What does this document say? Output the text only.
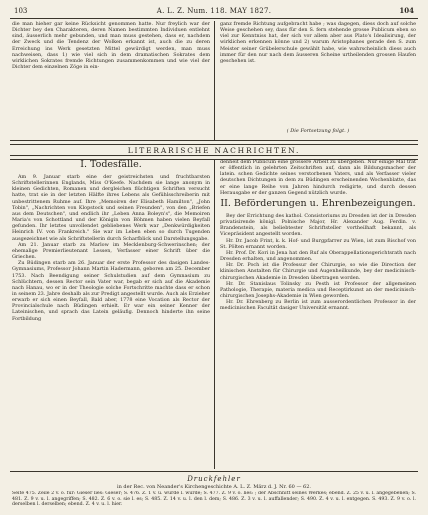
103	A. L. Z. Num. 118. MAY 1827.	104

die man hieher gar keine Rücksicht genommen hatte. Nur freylich war der Dichter bey den Charakteren, deren Namen bestimmten Individuen entlehnt sind, äusserlich mehr gebunden, und man muss gestehen, dass er, nachdem der Zweck und die Tendenz der Wolken erkannt ist, auch die zu deren Erreichung ins Werk gesetzten Mittel gewürdigt werden, man muss nachweisen, dass 1) wie viel sich in dem dramatischen Sokrates dem wirklichen Sokrates fremde Richtungen zusammenkommen und wie viel der Dichter dem einzelnen Zöge in ein-

ganz fremde Richtung aufgebracht habe ; was dagegen, diess doch auf solche Weise geschehen sey, dass für den S. fern stehende grosse Publicum eben so viel zur Kenntniss hat, der sich vor allem aber aus Plato's Idealisirung, der wirklichen erkennen könne und 2) warum Aristophanes gerade den S. zum Meister seiner Grübelerschule gewählt habe, wie wahrscheinlich diess auch immer für den nur nach dem äusseren Scheine urtheilenden grossen Haufen geschehen ist.

( Die Fortsetzung folgt. )
LITERARISCHE NACHRICHTEN.
I. Todesfälle.

Am 9. Januar starb eine der geistreichsten und fruchtbarsten Schriftstellerinnen Englands, Miss O'Keefe. Nachdem sie lange anonym in kleinen Gedichten, Romanen und dergleichen flüchtigen Schriften versucht hatte, trat sie in der letzten Hälfte ihres Lebens als Gefühlsschreiberin mit unbestrittenem Ruhme auf. Ihre „Memoiren der Elisabeth Hamilton", „John Tobin", „Nachrichten von Klopstock und seinen Freunden", von den „Briefen aus dem Deutschen", und endlich ihr „Leben Anna Boleyn's", die Memoiren Maria's von Schottland und der Königin von Böhmen haben vielen Beyfall gefunden. Ihr letztes unvollendet gebliebenes Werk war „Denkwürdigkeiten Heinrich IV. von Frankreich." Sie war im Leben eben so durch Tugenden ausgezeichnet wie als Schriftstellerin durch Scharfblick und Darstellungsgabe.

Am 21. Januar starb zu Marlow im Mecklenburg-Schwerinschen; der ehemalige Premierlieutenant Lessen, Verfasser einer Schrift über die Griechen.

Zu Büdingen starb am 26. Januar der erste Professor des dasigen Landes-Gymnasiums, Professor Johann Martin Hadermann, geboren am 25. December 1753. Nach Beendigung seiner Schulstudien auf dem Gymnasium zu Schlüchtern, dessen Rector sein Vater war, begab er sich auf die Akademie nach Hanau, wo er in der Theologie solche Fortschritte machte dass er schon in seinem 23. Jahre deshalb als zur Predigt angestellt wurde. Auch als Erzieher erwarb er sich einen Beyfall, Bald aber, 1778 eine Vocation als Rector der Provincialschule nach Büdingen erhielt. Er war ein seiner Kenner der Lateinischen, und sprach das Latein geläufig. Dennoch hinderte ihn seine Fortbildung

denheit dem Publicum eine grössere Arbeit zu übergeben. Nur einige Mal trat er öffentlich in gelehrten Zeitschriften auf, dann als Bildungsmacher der latein. schen Gedichte seines verstorbenen Vaters, und als Verfasser vieler deutschen Dichtungen in dem zu Büdingen erscheinenden Wochenblatte, das er eine lange Reihe von Jahren hindurch redigirte, und durch dessen Herausgabe er der ganzen Gegend nützlich wurde.

II. Beförderungen u. Ehrenbezeigungen.

Bey der Errichtung des kathol. Consistoriums zu Dresden ist der in Dresden privatisirende königl. Polnische Major, Hr. Alexander Aug. Ferdin. v. Brandenstein, als beliebtester Schriftsteller vortheilhaft bekannt, als Vicepräsident angestellt worden.

Hr. Dr. Jacob Frint, k. k. Hof- und Burgpfarrer zu Wien, ist zum Bischof von St. Pölten ernannt worden.

Hr. Prof. Dr. Kori in Jena hat den Ruf als Oberappellationsgerichtsrath nach Dresden erhalten, und angenommen.

Hr. Dr. Poch ist die Professur der Chirurgie, so wie die Direction der klinischen Anstalten für Chirurgie und Augenheilkunde, bey der medicinisch-chirurgischen Akademie in Dresden übertragen worden.

Hr. Dr. Stanislaus Tolinsky zu Pesth ist Professor der allgemeinen Pathologie, Therapie, materia medica und Receptirkunst an der medicinisch-chirurgischen Josephs-Akademie in Wien geworden.

Hr. Dr. Ehrenberg zu Berlin ist zum ausserordentlichen Professor in der medicinischen Facultät dasiger Universität ernannt.

Druckfehler
in der Rec. von Neander's Kirchengeschichte A. L. Z. März d. J. Nr. 60 — 62.
Seite 475. Zeile 2 v. o. für: Gieser lies: Gieser; S. 476. Z. 1 v. u. wurde l. wurde; S. 477. Z. 9 v. o. lies: ; der Abschnitt seines Werkes; ebend. Z. 25 v. u. l. angegebenen; S. 481. Z. 9 v. u. l. angegriffen; S. 482. Z. 6 v. o. sie l. es; S. 485. Z. 14 v. u. l. den l. dem; S. 486. Z. 3 v. u. l. auffallender; S. 490. Z. 4 v. u. l. entgegen. S. 493. Z. 9 v. o. l. derselben l. derselben; ebend. Z. 4 v. u. l. hier.
